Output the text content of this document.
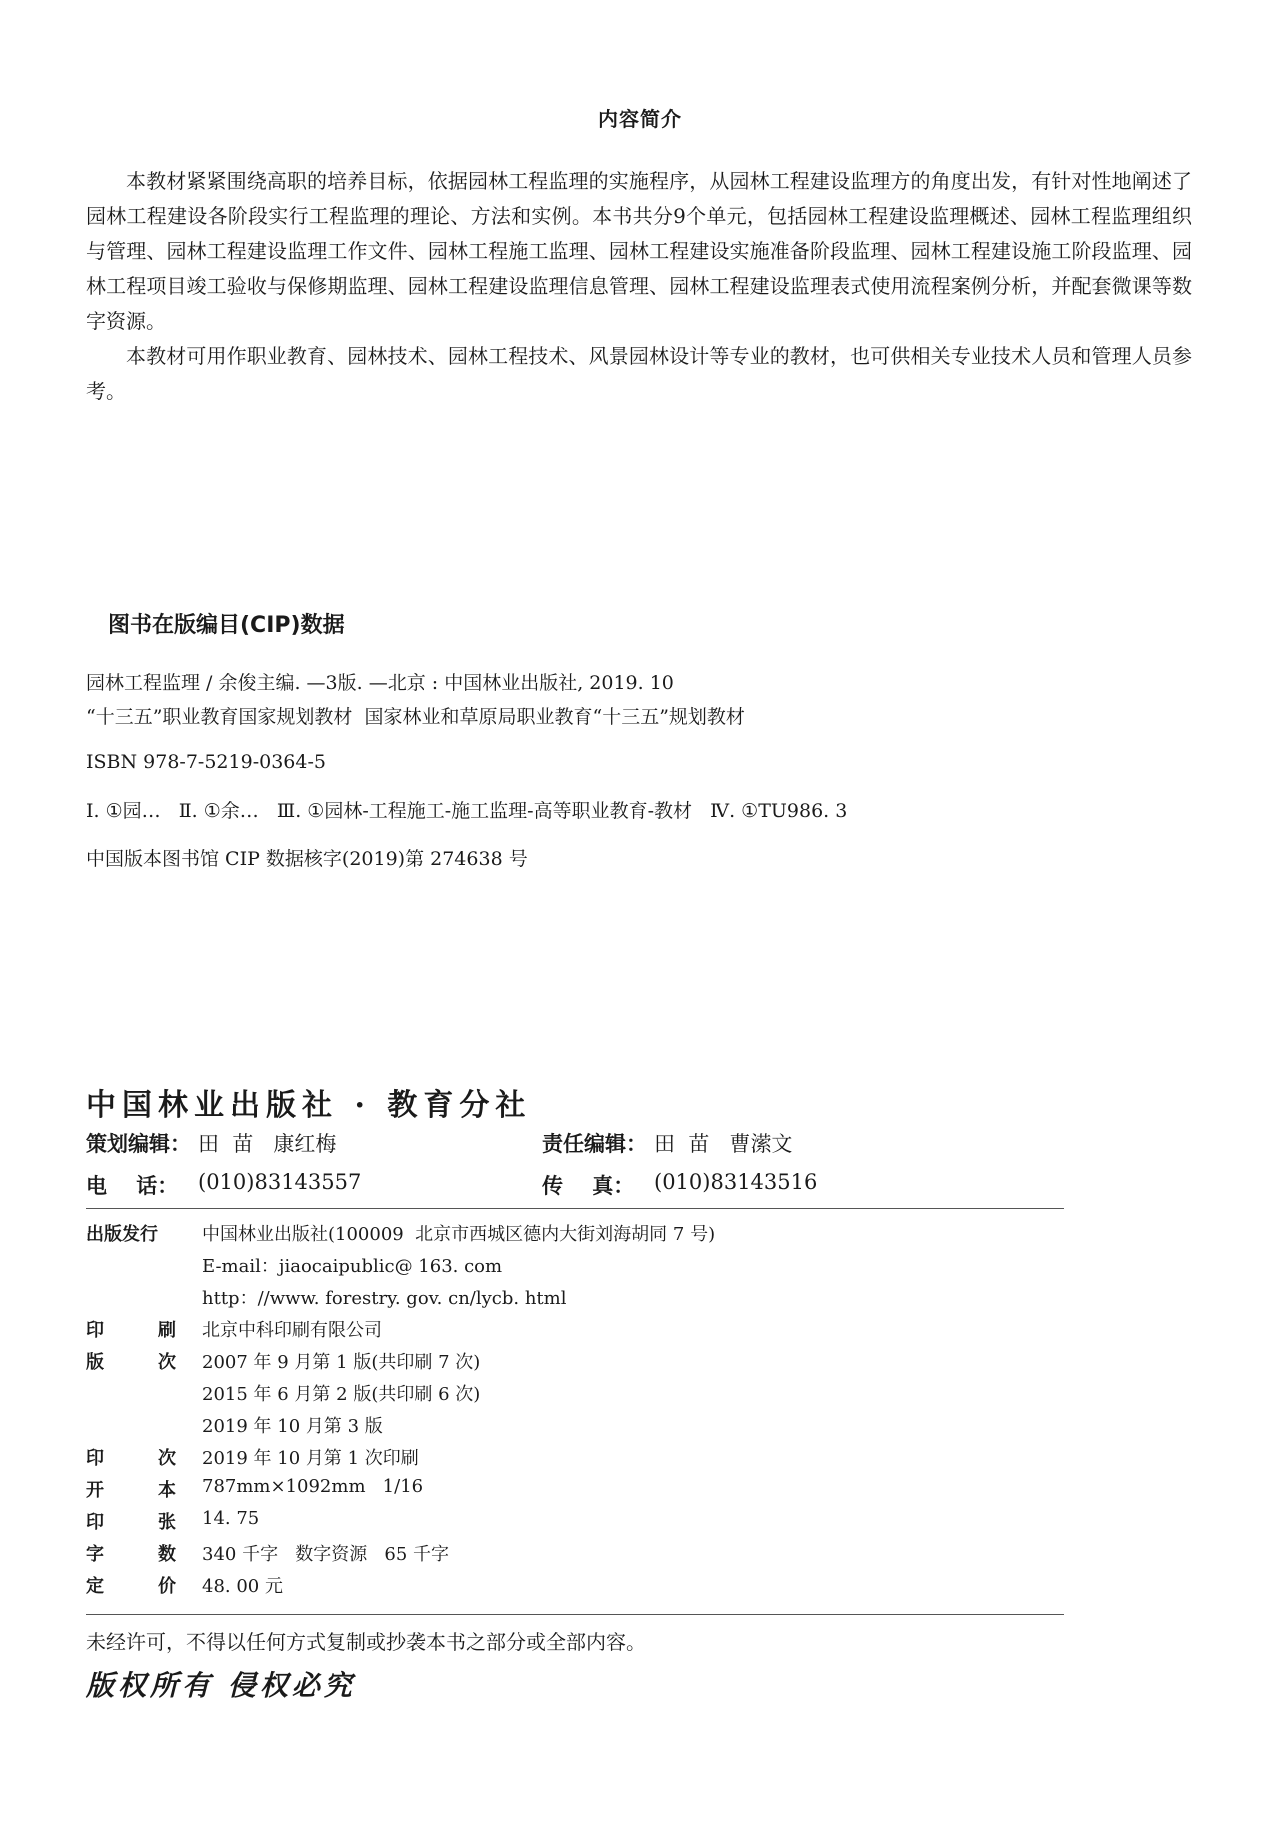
内容简介

本教材紧紧围绕高职的培养目标，依据园林工程监理的实施程序，从园林工程建设监理方的角度出发，有针对性地阐述了园林工程建设各阶段实行工程监理的理论、方法和实例。本书共分9个单元，包括园林工程建设监理概述、园林工程监理组织与管理、园林工程建设监理工作文件、园林工程施工监理、园林工程建设实施准备阶段监理、园林工程建设施工阶段监理、园林工程项目竣工验收与保修期监理、园林工程建设监理信息管理、园林工程建设监理表式使用流程案例分析，并配套微课等数字资源。

本教材可用作职业教育、园林技术、园林工程技术、风景园林设计等专业的教材，也可供相关专业技术人员和管理人员参考。

图书在版编目(CIP)数据
园林工程监理 / 余俊主编. —3版. —北京 : 中国林业出版社, 2019. 10
“十三五”职业教育国家规划教材  国家林业和草原局职业教育“十三五”规划教材
ISBN 978-7-5219-0364-5
Ⅰ. ①园…   Ⅱ. ①余…   Ⅲ. ①园林-工程施工-施工监理-高等职业教育-教材   Ⅳ. ①TU986. 3
中国版本图书馆 CIP 数据核字(2019)第 274638 号
中国林业出版社 · 教育分社
策划编辑： 田  苗   康红梅	责任编辑： 田  苗   曹潆文
电    话： (010)83143557	传    真： (010)83143516
出版发行 中国林业出版社(100009  北京市西城区德内大街刘海胡同 7 号)
E-mail：jiaocaipublic@ 163. com
http：//www. forestry. gov. cn/lycb. html
印	刷 北京中科印刷有限公司
版	次 2007 年 9 月第 1 版(共印刷 7 次)
2015 年 6 月第 2 版(共印刷 6 次)
2019 年 10 月第 3 版
印	次 2019 年 10 月第 1 次印刷
开	本 787mm×1092mm   1/16
印	张 14. 75
字	数 340 千字   数字资源   65 千字
定	价 48. 00 元
未经许可，不得以任何方式复制或抄袭本书之部分或全部内容。
版权所有 侵权必究
